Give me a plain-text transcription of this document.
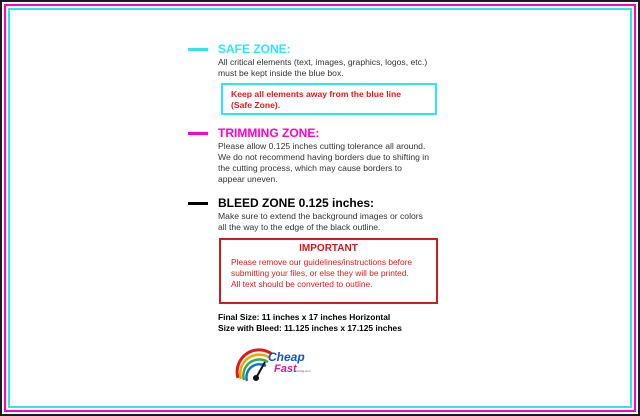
SAFE ZONE:

All critical elements (text, images, graphics, logos, etc.)
must be kept inside the blue box.

Keep all elements away from the blue line
(Safe Zone).
TRIMMING ZONE:

Please allow 0.125 inches cutting tolerance all around.
We do not recommend having borders due to shifting in
the cutting process, which may cause borders to
appear uneven.

BLEED ZONE 0.125 inches:

Make sure to extend the background images or colors
all the way to the edge of the black outline.

IMPORTANT

Please remove our guidelines/instructions before
submitting your files, or else they will be printed.
All text should be converted to outline.

Final Size: 11 inches x 17 inches Horizontal
Size with Bleed: 11.125 inches x 17.125 inches
Cheap
Fast
Printing.com
